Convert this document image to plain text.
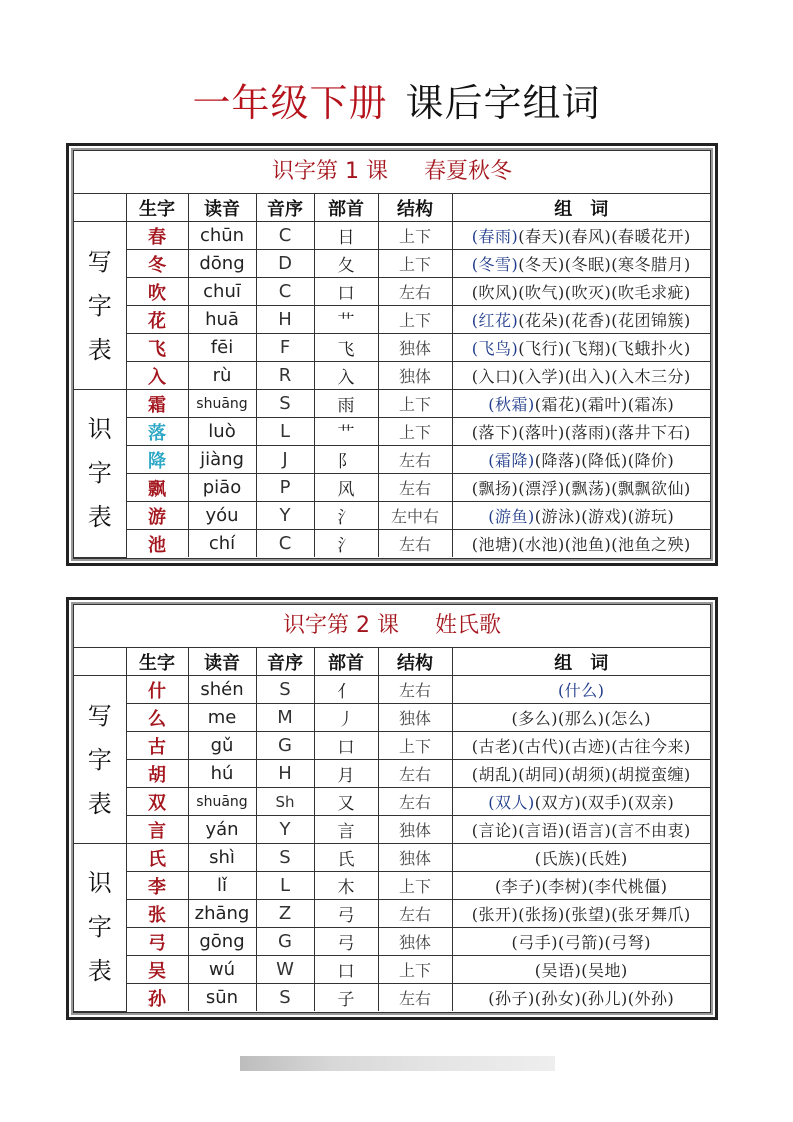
一年级下册 课后字组词
识字第 1 课 春夏秋冬
	生字	读音	音序	部首	结构	组　词

写
字
表	春	chūn	C	日	上下	(春雨)(春天)(春风)(春暖花开)
	冬	dōng	D	夂	上下	(冬雪)(冬天)(冬眠)(寒冬腊月)
	吹	chuī	C	口	左右	(吹风)(吹气)(吹灭)(吹毛求疵)
	花	huā	H	艹	上下	(红花)(花朵)(花香)(花团锦簇)
	飞	fēi	F	飞	独体	(飞鸟)(飞行)(飞翔)(飞蛾扑火)
	入	rù	R	入	独体	(入口)(入学)(出入)(入木三分)

识
字
表	霜	shuāng	S	雨	上下	(秋霜)(霜花)(霜叶)(霜冻)
	落	luò	L	艹	上下	(落下)(落叶)(落雨)(落井下石)
	降	jiàng	J	阝	左右	(霜降)(降落)(降低)(降价)
	飘	piāo	P	风	左右	(飘扬)(漂浮)(飘荡)(飘飘欲仙)
	游	yóu	Y	氵	左中右	(游鱼)(游泳)(游戏)(游玩)
	池	chí	C	氵	左右	(池塘)(水池)(池鱼)(池鱼之殃)
识字第 2 课 姓氏歌
	生字	读音	音序	部首	结构	组　词

写
字
表	什	shén	S	亻	左右	(什么)
	么	me	M	丿	独体	(多么)(那么)(怎么)
	古	gǔ	G	口	上下	(古老)(古代)(古迹)(古往今来)
	胡	hú	H	月	左右	(胡乱)(胡同)(胡须)(胡搅蛮缠)
	双	shuāng	Sh	又	左右	(双人)(双方)(双手)(双亲)
	言	yán	Y	言	独体	(言论)(言语)(语言)(言不由衷)

识
字
表	氏	shì	S	氏	独体	(氏族)(氏姓)
	李	lǐ	L	木	上下	(李子)(李树)(李代桃僵)
	张	zhāng	Z	弓	左右	(张开)(张扬)(张望)(张牙舞爪)
	弓	gōng	G	弓	独体	(弓手)(弓箭)(弓弩)
	吴	wú	W	口	上下	(吴语)(吴地)
	孙	sūn	S	子	左右	(孙子)(孙女)(孙儿)(外孙)
